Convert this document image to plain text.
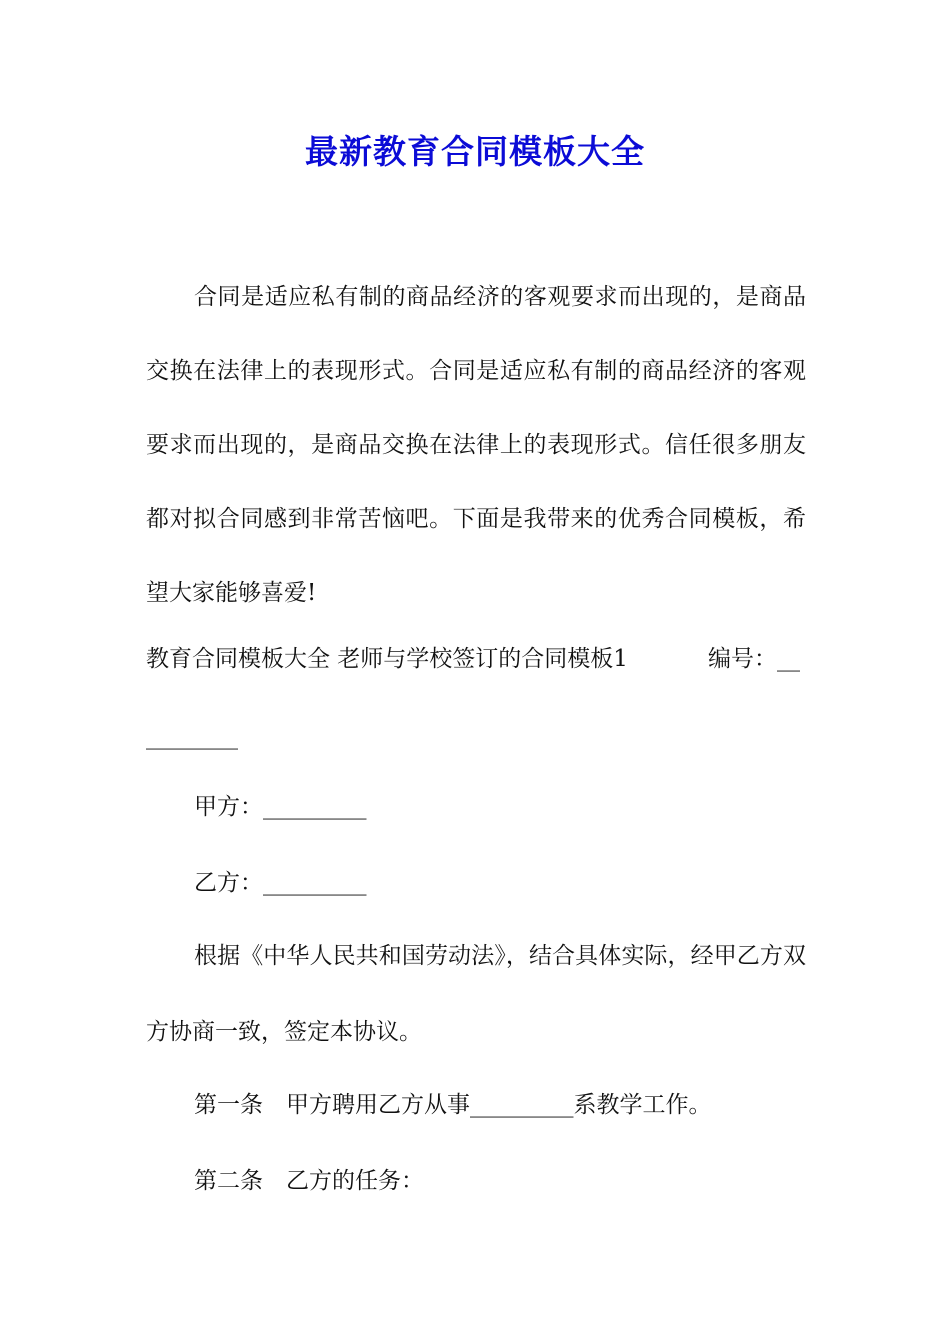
最新教育合同模板大全
合同是适应私有制的商品经济的客观要求而出现的，是商品交换在法律上的表现形式。合同是适应私有制的商品经济的客观要求而出现的，是商品交换在法律上的表现形式。信任很多朋友都对拟合同感到非常苦恼吧。下面是我带来的优秀合同模板，希望大家能够喜爱!
教育合同模板大全 老师与学校签订的合同模板1	编号：__
________
甲方：_________
乙方：_________
根据《中华人民共和国劳动法》，结合具体实际，经甲乙方双方协商一致，签定本协议。
第一条　甲方聘用乙方从事_________系教学工作。
第二条　乙方的任务：
